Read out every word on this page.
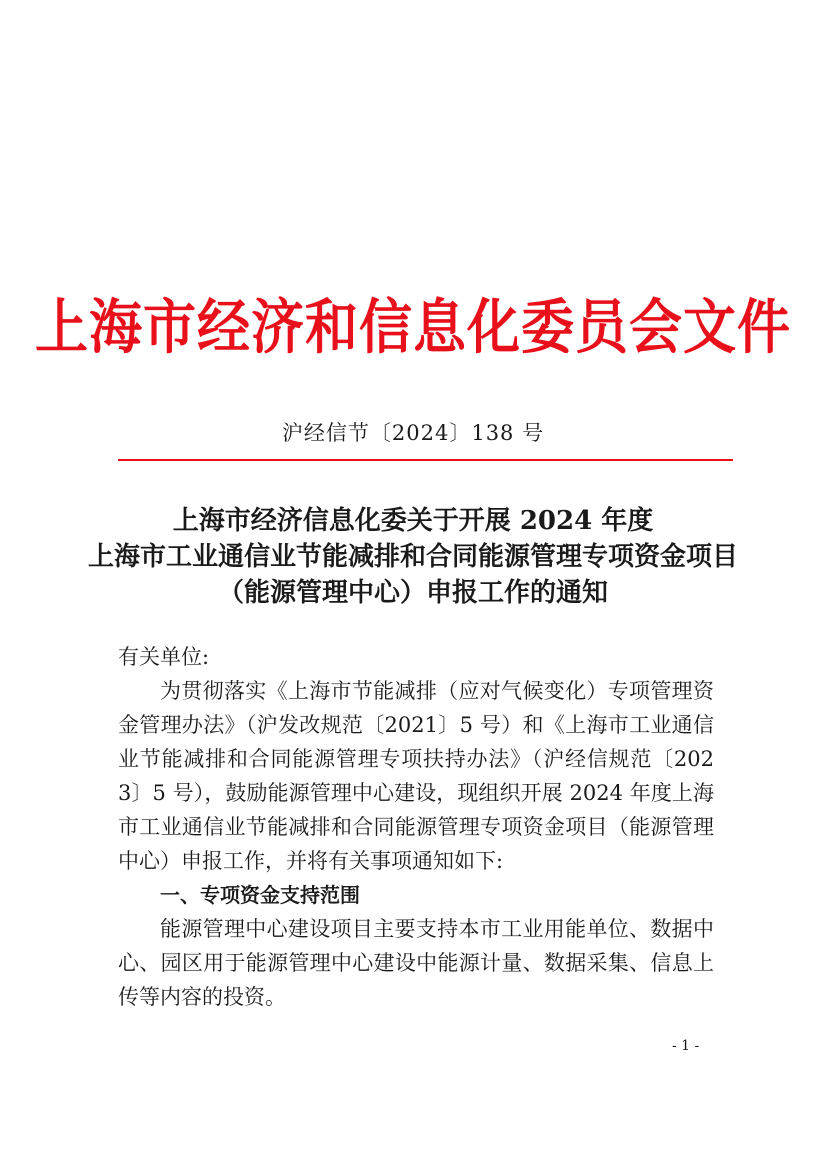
上海市经济和信息化委员会文件
沪经信节〔2024〕138 号
上海市经济信息化委关于开展 2024 年度
上海市工业通信业节能减排和合同能源管理专项资金项目
（能源管理中心）申报工作的通知

有关单位:

为贯彻落实《上海市节能减排（应对气候变化）专项管理资金管理办法》（沪发改规范〔2021〕5 号）和《上海市工业通信业节能减排和合同能源管理专项扶持办法》（沪经信规范〔2023〕5 号），鼓励能源管理中心建设，现组织开展 2024 年度上海市工业通信业节能减排和合同能源管理专项资金项目（能源管理中心）申报工作，并将有关事项通知如下:

一、专项资金支持范围

能源管理中心建设项目主要支持本市工业用能单位、数据中心、园区用于能源管理中心建设中能源计量、数据采集、信息上传等内容的投资。

- 1 -
